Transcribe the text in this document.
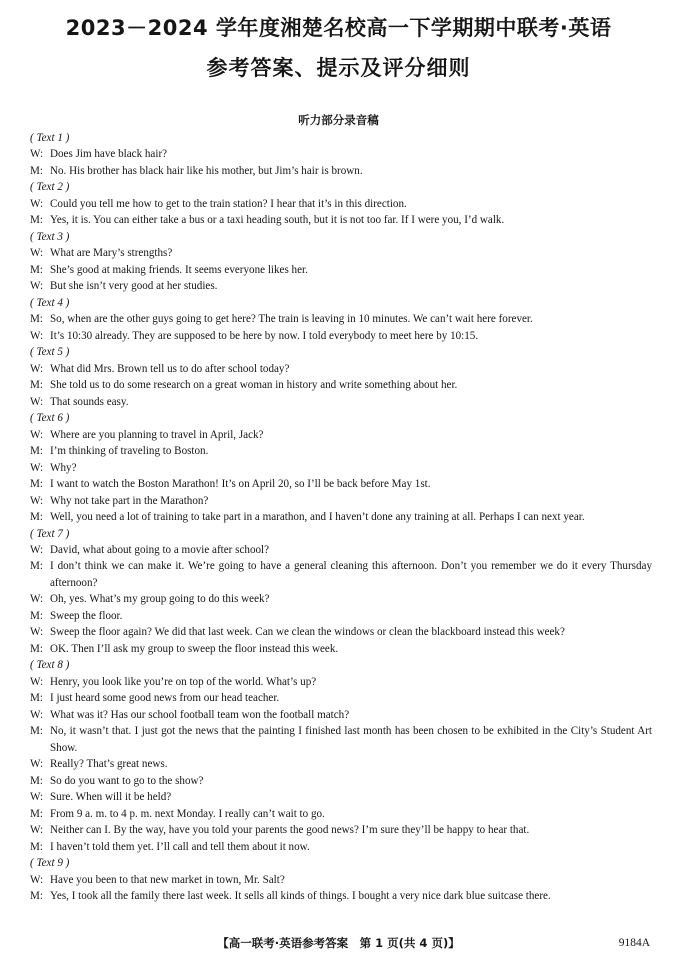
2023－2024 学年度湘楚名校高一下学期期中联考·英语
参考答案、提示及评分细则
听力部分录音稿
( Text 1 )
W: Does Jim have black hair?
M: No. His brother has black hair like his mother, but Jim’s hair is brown.
( Text 2 )
W: Could you tell me how to get to the train station? I hear that it’s in this direction.
M: Yes, it is. You can either take a bus or a taxi heading south, but it is not too far. If I were you, I’d walk.
( Text 3 )
W: What are Mary’s strengths?
M: She’s good at making friends. It seems everyone likes her.
W: But she isn’t very good at her studies.
( Text 4 )
M: So, when are the other guys going to get here? The train is leaving in 10 minutes. We can’t wait here forever.
W: It’s 10:30 already. They are supposed to be here by now. I told everybody to meet here by 10:15.
( Text 5 )
W: What did Mrs. Brown tell us to do after school today?
M: She told us to do some research on a great woman in history and write something about her.
W: That sounds easy.
( Text 6 )
W: Where are you planning to travel in April, Jack?
M: I’m thinking of traveling to Boston.
W: Why?
M: I want to watch the Boston Marathon! It’s on April 20, so I’ll be back before May 1st.
W: Why not take part in the Marathon?
M: Well, you need a lot of training to take part in a marathon, and I haven’t done any training at all. Perhaps I can next year.
( Text 7 )
W: David, what about going to a movie after school?
M: I don’t think we can make it. We’re going to have a general cleaning this afternoon. Don’t you remember we do it every Thursday afternoon?
W: Oh, yes. What’s my group going to do this week?
M: Sweep the floor.
W: Sweep the floor again? We did that last week. Can we clean the windows or clean the blackboard instead this week?
M: OK. Then I’ll ask my group to sweep the floor instead this week.
( Text 8 )
W: Henry, you look like you’re on top of the world. What’s up?
M: I just heard some good news from our head teacher.
W: What was it? Has our school football team won the football match?
M: No, it wasn’t that. I just got the news that the painting I finished last month has been chosen to be exhibited in the City’s Student Art Show.
W: Really? That’s great news.
M: So do you want to go to the show?
W: Sure. When will it be held?
M: From 9 a. m. to 4 p. m. next Monday. I really can’t wait to go.
W: Neither can I. By the way, have you told your parents the good news? I’m sure they’ll be happy to hear that.
M: I haven’t told them yet. I’ll call and tell them about it now.
( Text 9 )
W: Have you been to that new market in town, Mr. Salt?
M: Yes, I took all the family there last week. It sells all kinds of things. I bought a very nice dark blue suitcase there.
【高一联考·英语参考答案　第 1 页(共 4 页)】	9184A
